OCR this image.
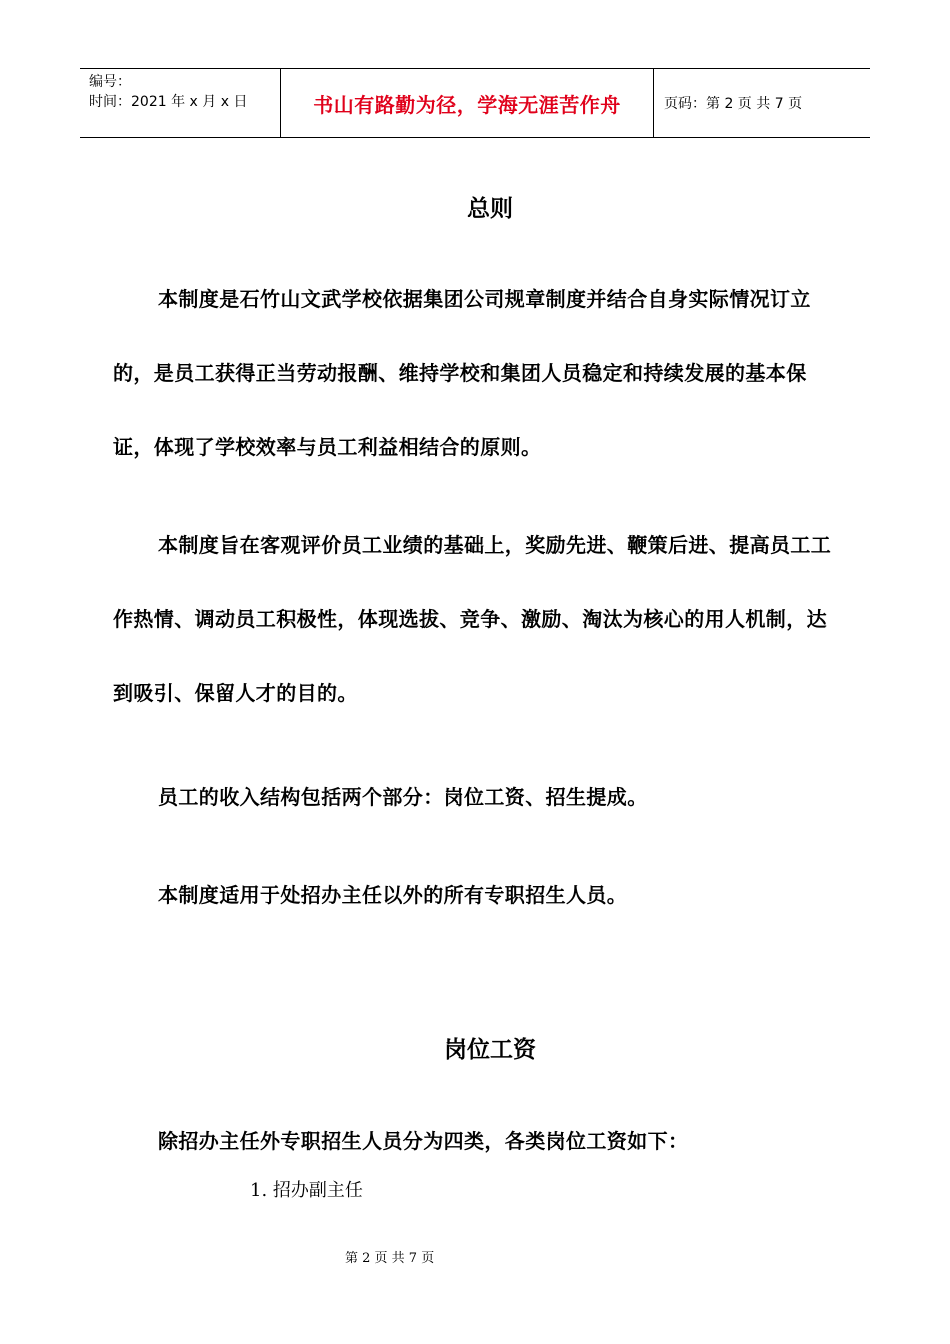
编号：
时间：2021 年 x 月 x 日	书山有路勤为径，学海无涯苦作舟	页码：第 2 页 共 7 页
总则
本制度是石竹山文武学校依据集团公司规章制度并结合自身实际情况订立的，是员工获得正当劳动报酬、维持学校和集团人员稳定和持续发展的基本保证，体现了学校效率与员工利益相结合的原则。
本制度旨在客观评价员工业绩的基础上，奖励先进、鞭策后进、提高员工工作热情、调动员工积极性，体现选拔、竞争、激励、淘汰为核心的用人机制，达到吸引、保留人才的目的。
员工的收入结构包括两个部分：岗位工资、招生提成。
本制度适用于处招办主任以外的所有专职招生人员。
岗位工资
除招办主任外专职招生人员分为四类，各类岗位工资如下：
1. 招办副主任
第 2 页 共 7 页
